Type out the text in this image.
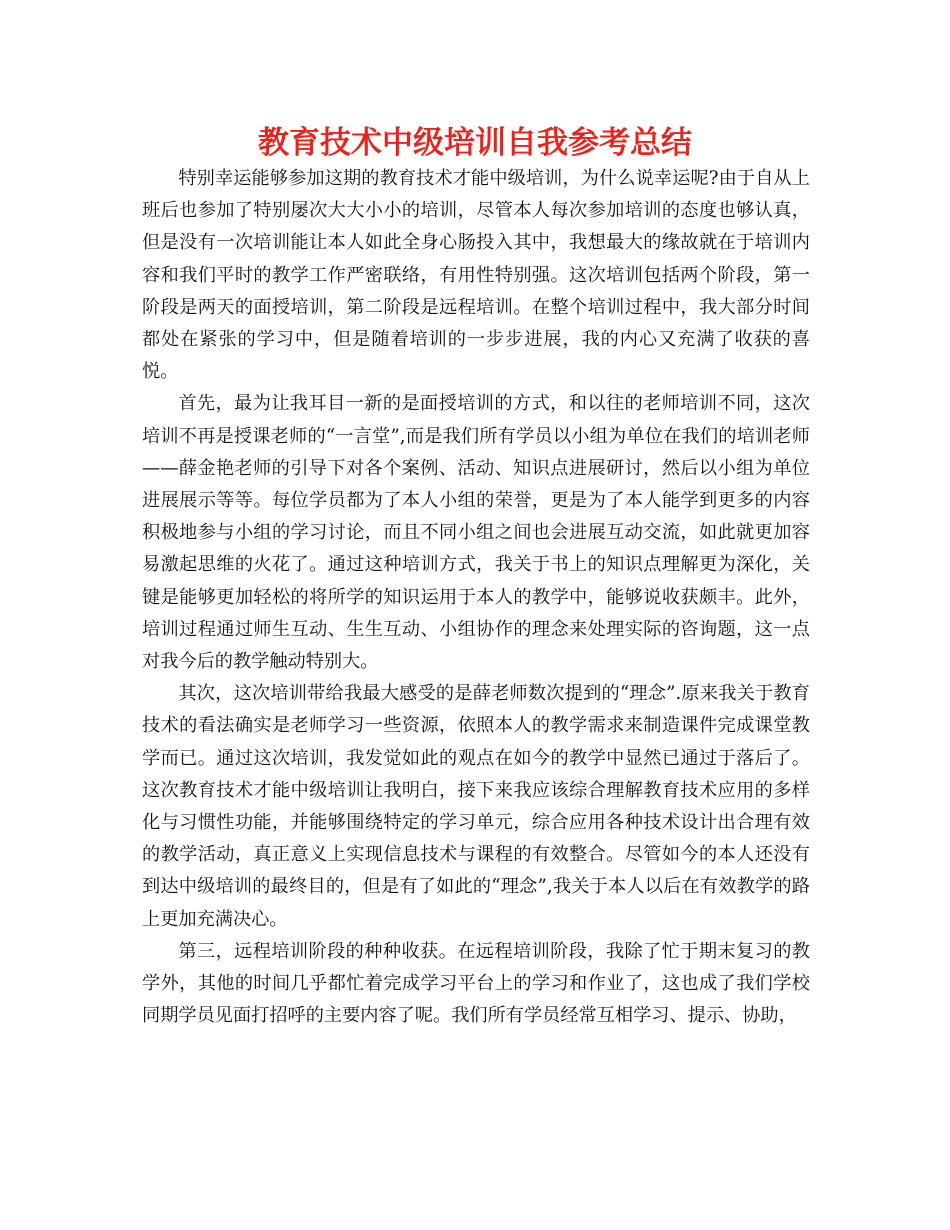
教育技术中级培训自我参考总结

特别幸运能够参加这期的教育技术才能中级培训，为什么说幸运呢?由于自从上班后也参加了特别屡次大大小小的培训，尽管本人每次参加培训的态度也够认真，但是没有一次培训能让本人如此全身心肠投入其中，我想最大的缘故就在于培训内容和我们平时的教学工作严密联络，有用性特别强。这次培训包括两个阶段，第一阶段是两天的面授培训，第二阶段是远程培训。在整个培训过程中，我大部分时间都处在紧张的学习中，但是随着培训的一步步进展，我的内心又充满了收获的喜悦。

首先，最为让我耳目一新的是面授培训的方式，和以往的老师培训不同，这次培训不再是授课老师的“一言堂”,而是我们所有学员以小组为单位在我们的培训老师——薛金艳老师的引导下对各个案例、活动、知识点进展研讨，然后以小组为单位进展展示等等。每位学员都为了本人小组的荣誉，更是为了本人能学到更多的内容积极地参与小组的学习讨论，而且不同小组之间也会进展互动交流，如此就更加容易激起思维的火花了。通过这种培训方式，我关于书上的知识点理解更为深化，关键是能够更加轻松的将所学的知识运用于本人的教学中，能够说收获颇丰。此外，培训过程通过师生互动、生生互动、小组协作的理念来处理实际的咨询题，这一点对我今后的教学触动特别大。

其次，这次培训带给我最大感受的是薛老师数次提到的“理念”.原来我关于教育技术的看法确实是老师学习一些资源，依照本人的教学需求来制造课件完成课堂教学而已。通过这次培训，我发觉如此的观点在如今的教学中显然已通过于落后了。这次教育技术才能中级培训让我明白，接下来我应该综合理解教育技术应用的多样化与习惯性功能，并能够围绕特定的学习单元，综合应用各种技术设计出合理有效的教学活动，真正意义上实现信息技术与课程的有效整合。尽管如今的本人还没有到达中级培训的最终目的，但是有了如此的“理念”,我关于本人以后在有效教学的路上更加充满决心。

第三，远程培训阶段的种种收获。在远程培训阶段，我除了忙于期末复习的教学外，其他的时间几乎都忙着完成学习平台上的学习和作业了，这也成了我们学校同期学员见面打招呼的主要内容了呢。我们所有学员经常互相学习、提示、协助，
